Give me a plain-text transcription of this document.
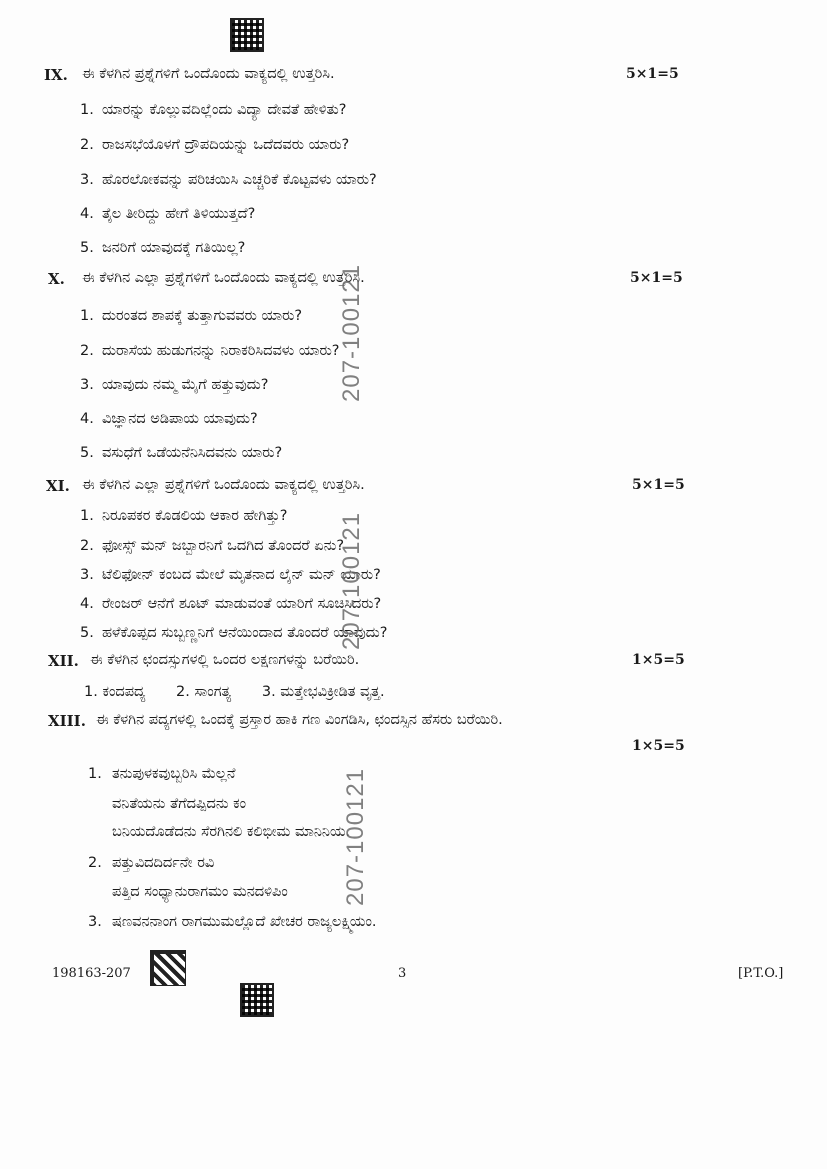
IX. ಈ ಕೆಳಗಿನ ಪ್ರಶ್ನೆಗಳಿಗೆ ಒಂದೊಂದು ವಾಕ್ಯದಲ್ಲಿ ಉತ್ತರಿಸಿ.	5×1=5
1. ಯಾರನ್ನು ಕೊಲ್ಲುವದಿಲ್ಲೆಂದು ವಿದ್ಯಾ ದೇವತೆ ಹೇಳಿತು?
2. ರಾಜಸಭೆಯೊಳಗೆ ದ್ರೌಪದಿಯನ್ನು ಒದೆದವರು ಯಾರು?
3. ಹೊರಲೋಕವನ್ನು ಪರಿಚಯಿಸಿ ಎಚ್ಚರಿಕೆ ಕೊಟ್ಟವಳು ಯಾರು?
4. ತೈಲ ತೀರಿದ್ದು ಹೇಗೆ ತಿಳಿಯುತ್ತದೆ?
5. ಜನರಿಗೆ ಯಾವುದಕ್ಕೆ ಗತಿಯಿಲ್ಲ?
X. ಈ ಕೆಳಗಿನ ಎಲ್ಲಾ ಪ್ರಶ್ನೆಗಳಿಗೆ ಒಂದೊಂದು ವಾಕ್ಯದಲ್ಲಿ ಉತ್ತರಿಸಿ.	5×1=5
1. ದುರಂತದ ಶಾಪಕ್ಕೆ ತುತ್ತಾಗುವವರು ಯಾರು?
2. ದುರಾಸೆಯ ಹುಡುಗನನ್ನು ನಿರಾಕರಿಸಿದವಳು ಯಾರು?
3. ಯಾವುದು ನಮ್ಮ ಮೈಗೆ ಹತ್ತುವುದು?
4. ವಿಜ್ಞಾನದ ಅಡಿಪಾಯ ಯಾವುದು?
5. ವಸುಧೆಗೆ ಒಡೆಯನೆನಿಸಿದವನು ಯಾರು?
XI. ಈ ಕೆಳಗಿನ ಎಲ್ಲಾ ಪ್ರಶ್ನೆಗಳಿಗೆ ಒಂದೊಂದು ವಾಕ್ಯದಲ್ಲಿ ಉತ್ತರಿಸಿ.	5×1=5
1. ನಿರೂಪಕರ ಕೊಡಲಿಯ ಆಕಾರ ಹೇಗಿತ್ತು?
2. ಫೋಸ್ಸ್ ಮನ್ ಜಬ್ಬಾರನಿಗೆ ಒದಗಿದ ತೊಂದರೆ ಏನು?
3. ಟೆಲಿಫೋನ್ ಕಂಬದ ಮೇಲೆ ಮೃತನಾದ ಲೈನ್ ಮನ್ ಯಾರು?
4. ರೇಂಜರ್ ಆನೆಗೆ ಶೂಟ್ ಮಾಡುವಂತೆ ಯಾರಿಗೆ ಸೂಚಿಸಿದರು?
5. ಹಳೆಕೊಪ್ಪದ ಸುಬ್ಬಣ್ಣನಿಗೆ ಆನೆಯಿಂದಾದ ತೊಂದರೆ ಯಾವುದು?
XII. ಈ ಕೆಳಗಿನ ಛಂದಸ್ಸುಗಳಲ್ಲಿ ಒಂದರ ಲಕ್ಷಣಗಳನ್ನು ಬರೆಯಿರಿ.	1×5=5
1. ಕಂದಪದ್ಯ 2. ಸಾಂಗತ್ಯ 3. ಮತ್ತೇಭವಿಕ್ರೀಡಿತ ವೃತ್ತ.
XIII. ಈ ಕೆಳಗಿನ ಪದ್ಯಗಳಲ್ಲಿ ಒಂದಕ್ಕೆ ಪ್ರಸ್ತಾರ ಹಾಕಿ ಗಣ ವಿಂಗಡಿಸಿ, ಛಂದಸ್ಸಿನ ಹೆಸರು ಬರೆಯಿರಿ.
1×5=5
1. ತನುಪುಳಕವುಬ್ಬರಿಸಿ ಮೆಲ್ಲನೆ
ವನಿತೆಯನು ತೆಗೆದಪ್ಪಿದನು ಕಂ
ಬನಿಯದೊಡೆದನು ಸೆರಗಿನಲಿ ಕಲಿಭೀಮ ಮಾನಿನಿಯ.
2. ಪತ್ತುವಿದದಿರ್ದನೇ ರವಿ
ಪತ್ತಿದ ಸಂಧ್ಯಾನುರಾಗಮಂ ಮನದಳಿಪಿಂ
3. ಷಣವನನಾಂಗ ರಾಗಮುಮಲ್ಲೊದೆ ಖೇಚರ ರಾಜ್ಯಲಕ್ಷ್ಮಿಯಂ.
207-100121
207-100121
207-100121
198163-207	3	[P.T.O.]
